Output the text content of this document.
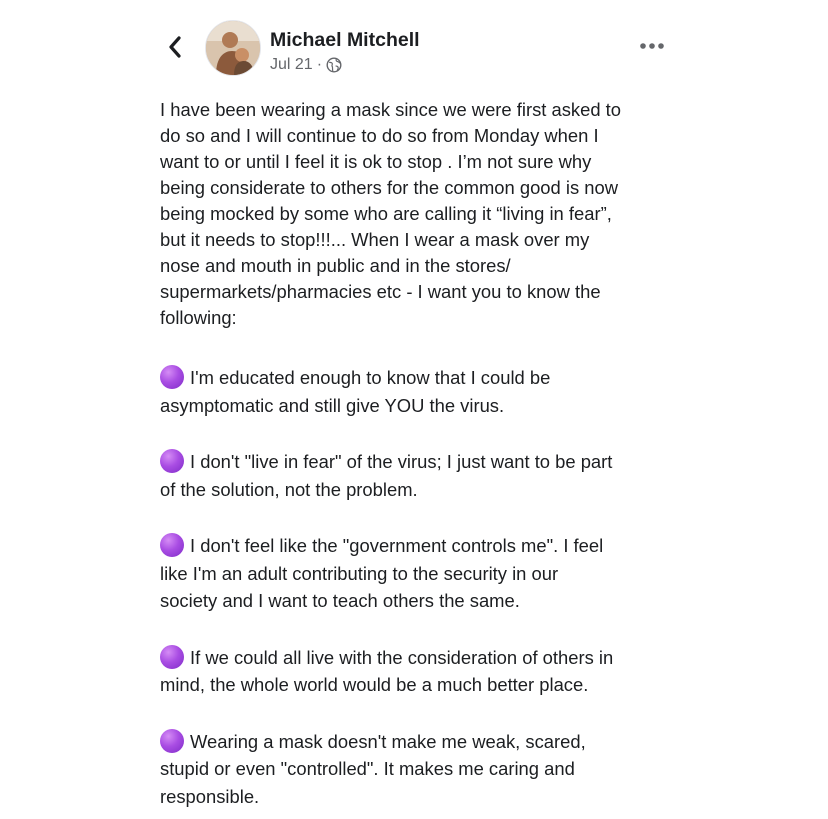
Michael Mitchell
Jul 21 ·

I have been wearing a mask since we were first asked to
do so and I will continue to do so from Monday when I
want to or until I feel it is ok to stop . I’m not sure why
being considerate to others for the common good is now
being mocked by some who are calling it “living in fear”,
but it needs to stop!!!... When I wear a mask over my
nose and mouth in public and in the stores/
supermarkets/pharmacies etc - I want you to know the
following:

I'm educated enough to know that I could be
asymptomatic and still give YOU the virus.

I don't "live in fear" of the virus; I just want to be part
of the solution, not the problem.

I don't feel like the "government controls me". I feel
like I'm an adult contributing to the security in our
society and I want to teach others the same.

If we could all live with the consideration of others in
mind, the whole world would be a much better place.

Wearing a mask doesn't make me weak, scared,
stupid or even "controlled". It makes me caring and
responsible.
